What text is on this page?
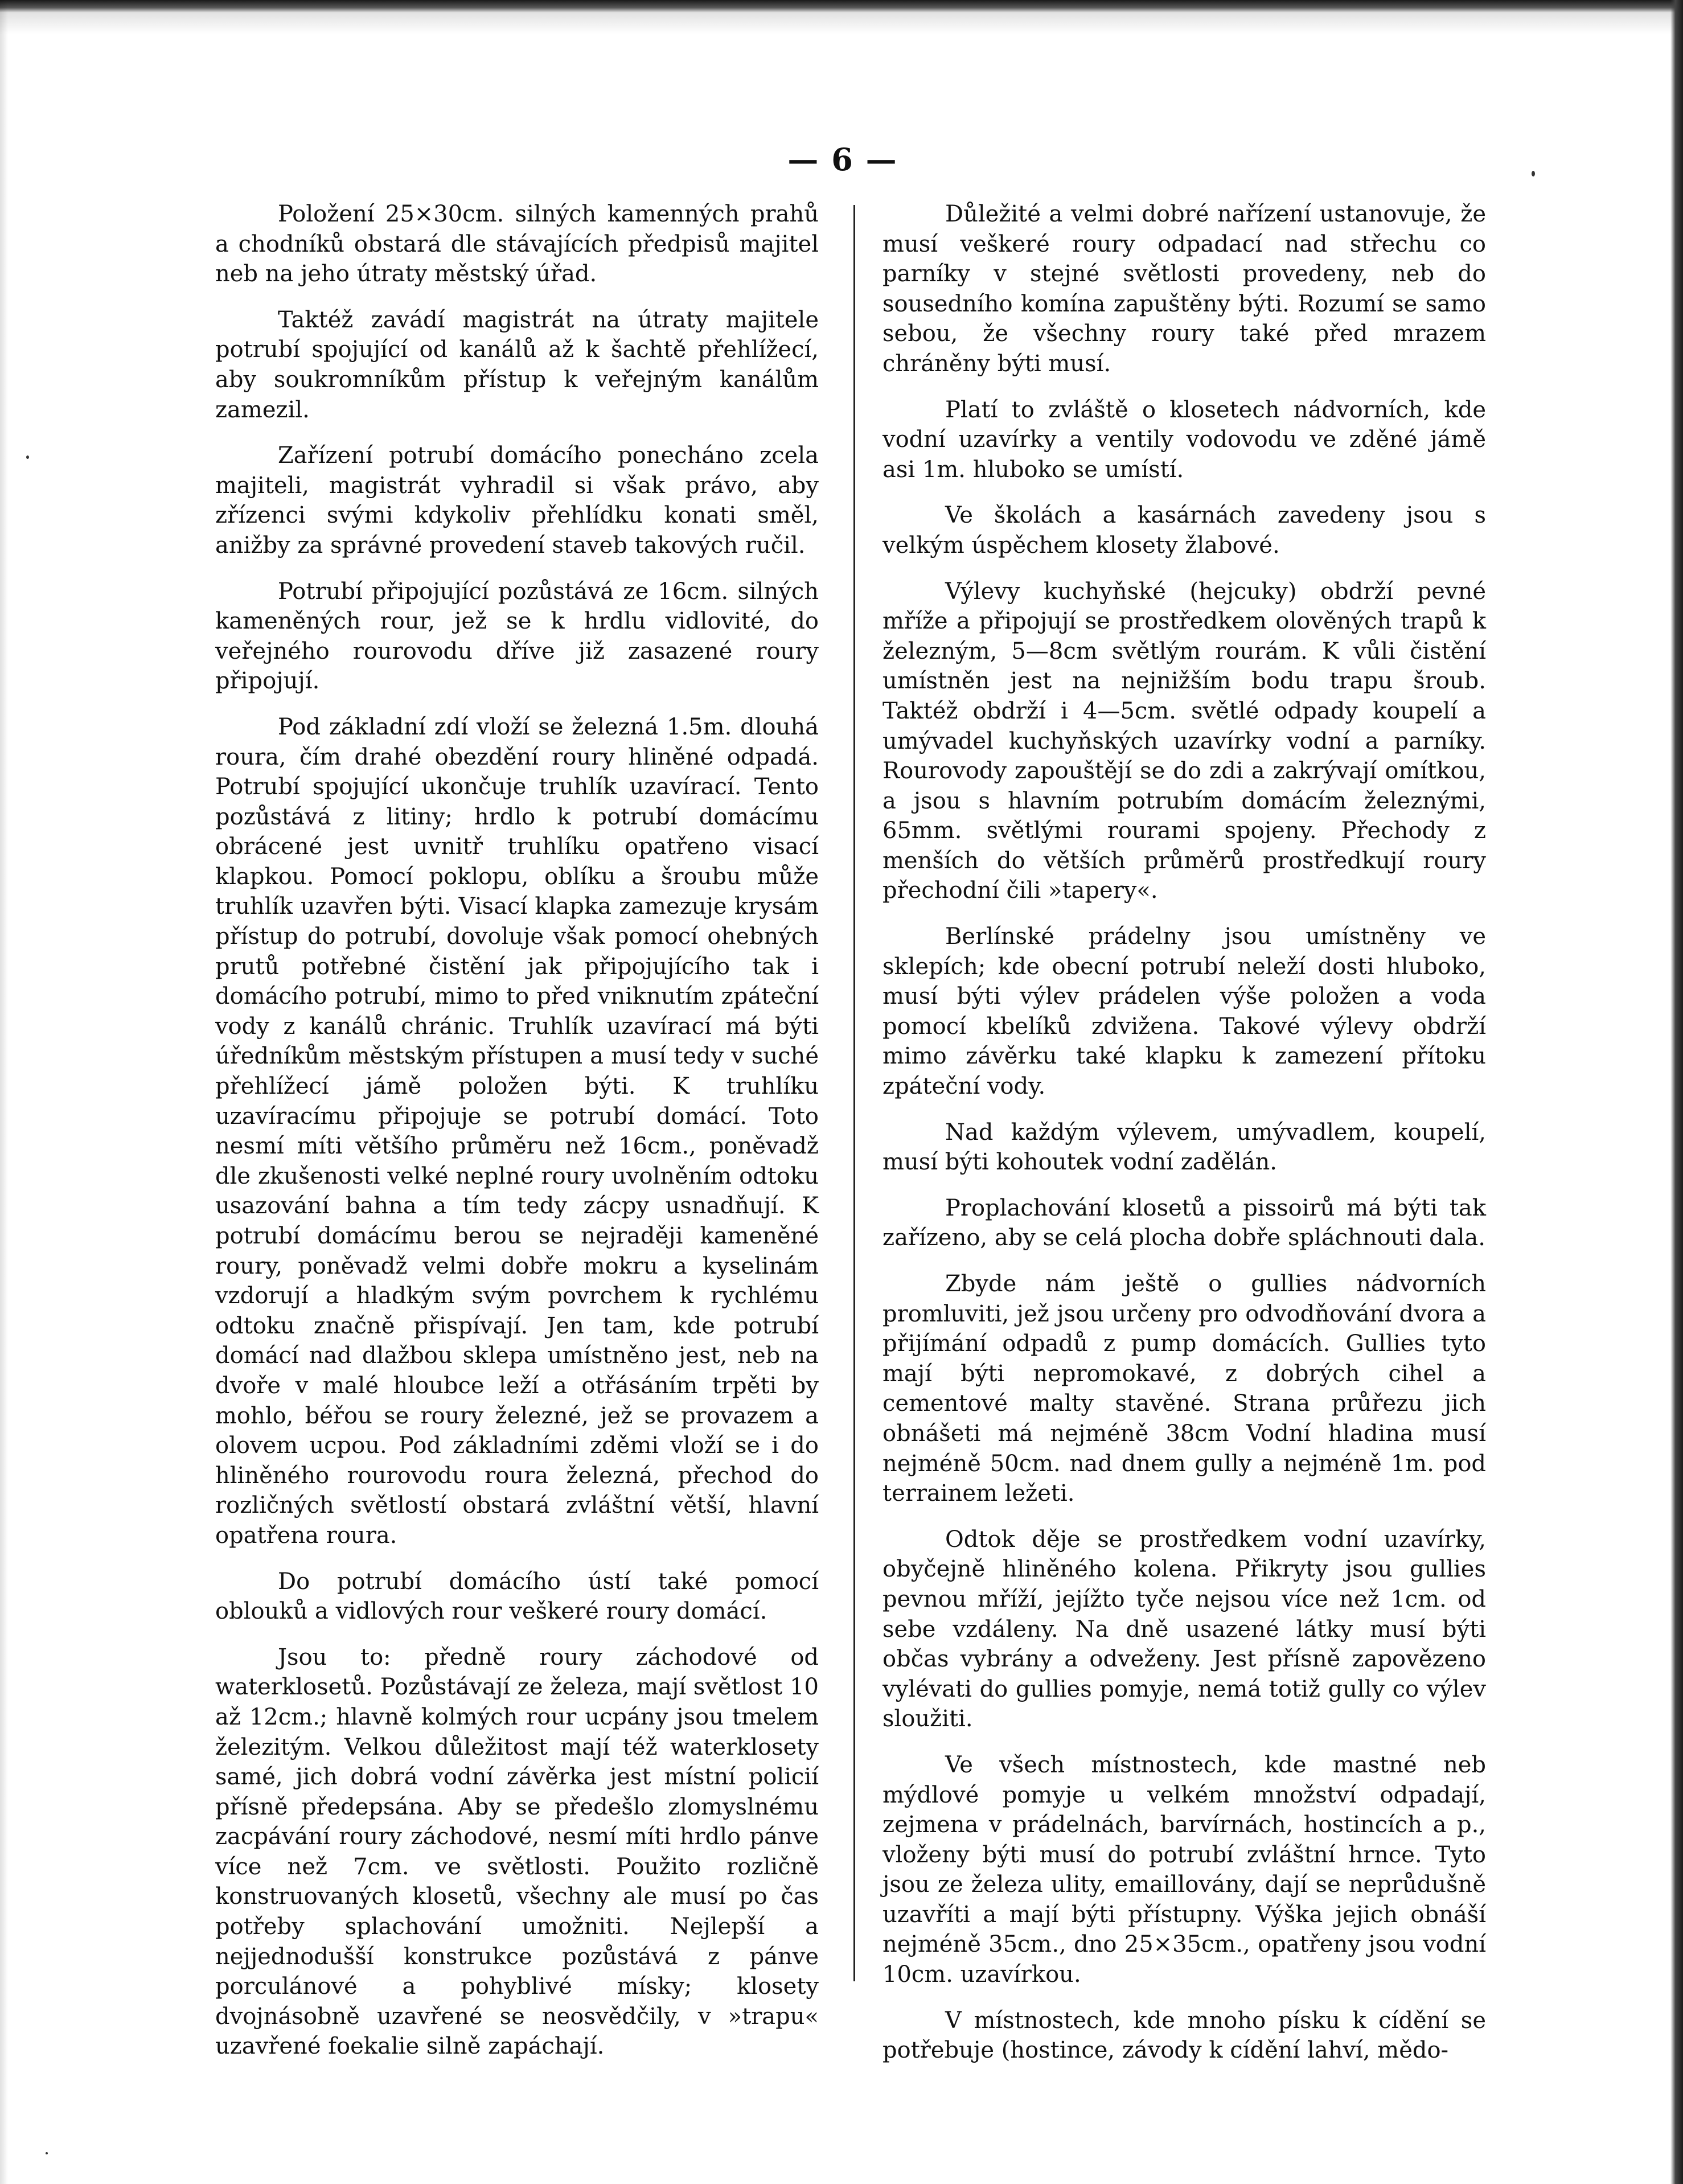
— 6 —

Položení 25×30cm. silných kamenných prahů a chodníků obstará dle stávajících předpisů majitel neb na jeho útraty městský úřad.

Taktéž zavádí magistrát na útraty majitele potrubí spojující od kanálů až k šachtě přehlížecí, aby soukromníkům přístup k veřejným kanálům zamezil.

Zařízení potrubí domácího ponecháno zcela majiteli, magistrát vyhradil si však právo, aby zřízenci svými kdykoliv přehlídku konati směl, anižby za správné provedení staveb takových ručil.

Potrubí připojující pozůstává ze 16cm. silných kameněných rour, jež se k hrdlu vidlovité, do veřejného rourovodu dříve již zasazené roury připojují.

Pod základní zdí vloží se železná 1.5m. dlouhá roura, čím drahé obezdění roury hliněné odpadá. Potrubí spojující ukončuje truhlík uzavírací. Tento pozůstává z litiny; hrdlo k potrubí domácímu obrácené jest uvnitř truhlíku opatřeno visací klapkou. Pomocí poklopu, oblíku a šroubu může truhlík uzavřen býti. Visací klapka zamezuje krysám přístup do potrubí, dovoluje však pomocí ohebných prutů potřebné čistění jak připojujícího tak i domácího potrubí, mimo to před vniknutím zpáteční vody z kanálů chránic. Truhlík uzavírací má býti úředníkům městským přístupen a musí tedy v suché přehlížecí jámě položen býti. K truhlíku uzavíracímu připojuje se potrubí domácí. Toto nesmí míti většího průměru než 16cm., poněvadž dle zkušenosti velké neplné roury uvolněním odtoku usazování bahna a tím tedy zácpy usnadňují. K potrubí domácímu berou se nejraději kameněné roury, poněvadž velmi dobře mokru a kyselinám vzdorují a hladkým svým povrchem k rychlému odtoku značně přispívají. Jen tam, kde potrubí domácí nad dlažbou sklepa umístněno jest, neb na dvoře v malé hloubce leží a otřásáním trpěti by mohlo, béřou se roury železné, jež se provazem a olovem ucpou. Pod základními zděmi vloží se i do hliněného rourovodu roura železná, přechod do rozličných světlostí obstará zvláštní větší, hlavní opatřena roura.

Do potrubí domácího ústí také pomocí oblouků a vidlových rour veškeré roury domácí.

Jsou to: předně roury záchodové od waterklosetů. Pozůstávají ze železa, mají světlost 10 až 12cm.; hlavně kolmých rour ucpány jsou tmelem železitým. Velkou důležitost mají též waterklosety samé, jich dobrá vodní závěrka jest místní policií přísně předepsána. Aby se předešlo zlomyslnému zacpávání roury záchodové, nesmí míti hrdlo pánve více než 7cm. ve světlosti. Použito rozličně konstruovaných klosetů, všechny ale musí po čas potřeby splachování umožniti. Nejlepší a nejjednodušší konstrukce pozůstává z pánve porculánové a pohyblivé mísky; klosety dvojnásobně uzavřené se neosvědčily, v »trapu« uzavřené foekalie silně zapáchají.

Důležité a velmi dobré nařízení ustanovuje, že musí veškeré roury odpadací nad střechu co parníky v stejné světlosti provedeny, neb do sousedního komína zapuštěny býti. Rozumí se samo sebou, že všechny roury také před mrazem chráněny býti musí.

Platí to zvláště o klosetech nádvorních, kde vodní uzavírky a ventily vodovodu ve zděné jámě asi 1m. hluboko se umístí.

Ve školách a kasárnách zavedeny jsou s velkým úspěchem klosety žlabové.

Výlevy kuchyňské (hejcuky) obdrží pevné mříže a připojují se prostředkem olověných trapů k železným, 5—8cm světlým rourám. K vůli čistění umístněn jest na nejnižším bodu trapu šroub. Taktéž obdrží i 4—5cm. světlé odpady koupelí a umývadel kuchyňských uzavírky vodní a parníky. Rourovody zapouštějí se do zdi a zakrývají omítkou, a jsou s hlavním potrubím domácím železnými, 65mm. světlými rourami spojeny. Přechody z menších do větších průměrů prostředkují roury přechodní čili »tapery«.

Berlínské prádelny jsou umístněny ve sklepích; kde obecní potrubí neleží dosti hluboko, musí býti výlev prádelen výše položen a voda pomocí kbelíků zdvižena. Takové výlevy obdrží mimo závěrku také klapku k zamezení přítoku zpáteční vody.

Nad každým výlevem, umývadlem, koupelí, musí býti kohoutek vodní zadělán.

Proplachování klosetů a pissoirů má býti tak zařízeno, aby se celá plocha dobře spláchnouti dala.

Zbyde nám ještě o gullies nádvorních promluviti, jež jsou určeny pro odvodňování dvora a přijímání odpadů z pump domácích. Gullies tyto mají býti nepromokavé, z dobrých cihel a cementové malty stavěné. Strana průřezu jich obnášeti má nejméně 38cm Vodní hladina musí nejméně 50cm. nad dnem gully a nejméně 1m. pod terrainem ležeti.

Odtok děje se prostředkem vodní uzavírky, obyčejně hliněného kolena. Přikryty jsou gullies pevnou mříží, jejížto tyče nejsou více než 1cm. od sebe vzdáleny. Na dně usazené látky musí býti občas vybrány a odveženy. Jest přísně zapovězeno vylévati do gullies pomyje, nemá totiž gully co výlev sloužiti.

Ve všech místnostech, kde mastné neb mýdlové pomyje u velkém množství odpadají, zejmena v prádelnách, barvírnách, hostincích a p., vloženy býti musí do potrubí zvláštní hrnce. Tyto jsou ze železa ulity, emaillovány, dají se neprůdušně uzavříti a mají býti přístupny. Výška jejich obnáší nejméně 35cm., dno 25×35cm., opatřeny jsou vodní 10cm. uzavírkou.

V místnostech, kde mnoho písku k cídění se potřebuje (hostince, závody k cídění lahví, mědo-
